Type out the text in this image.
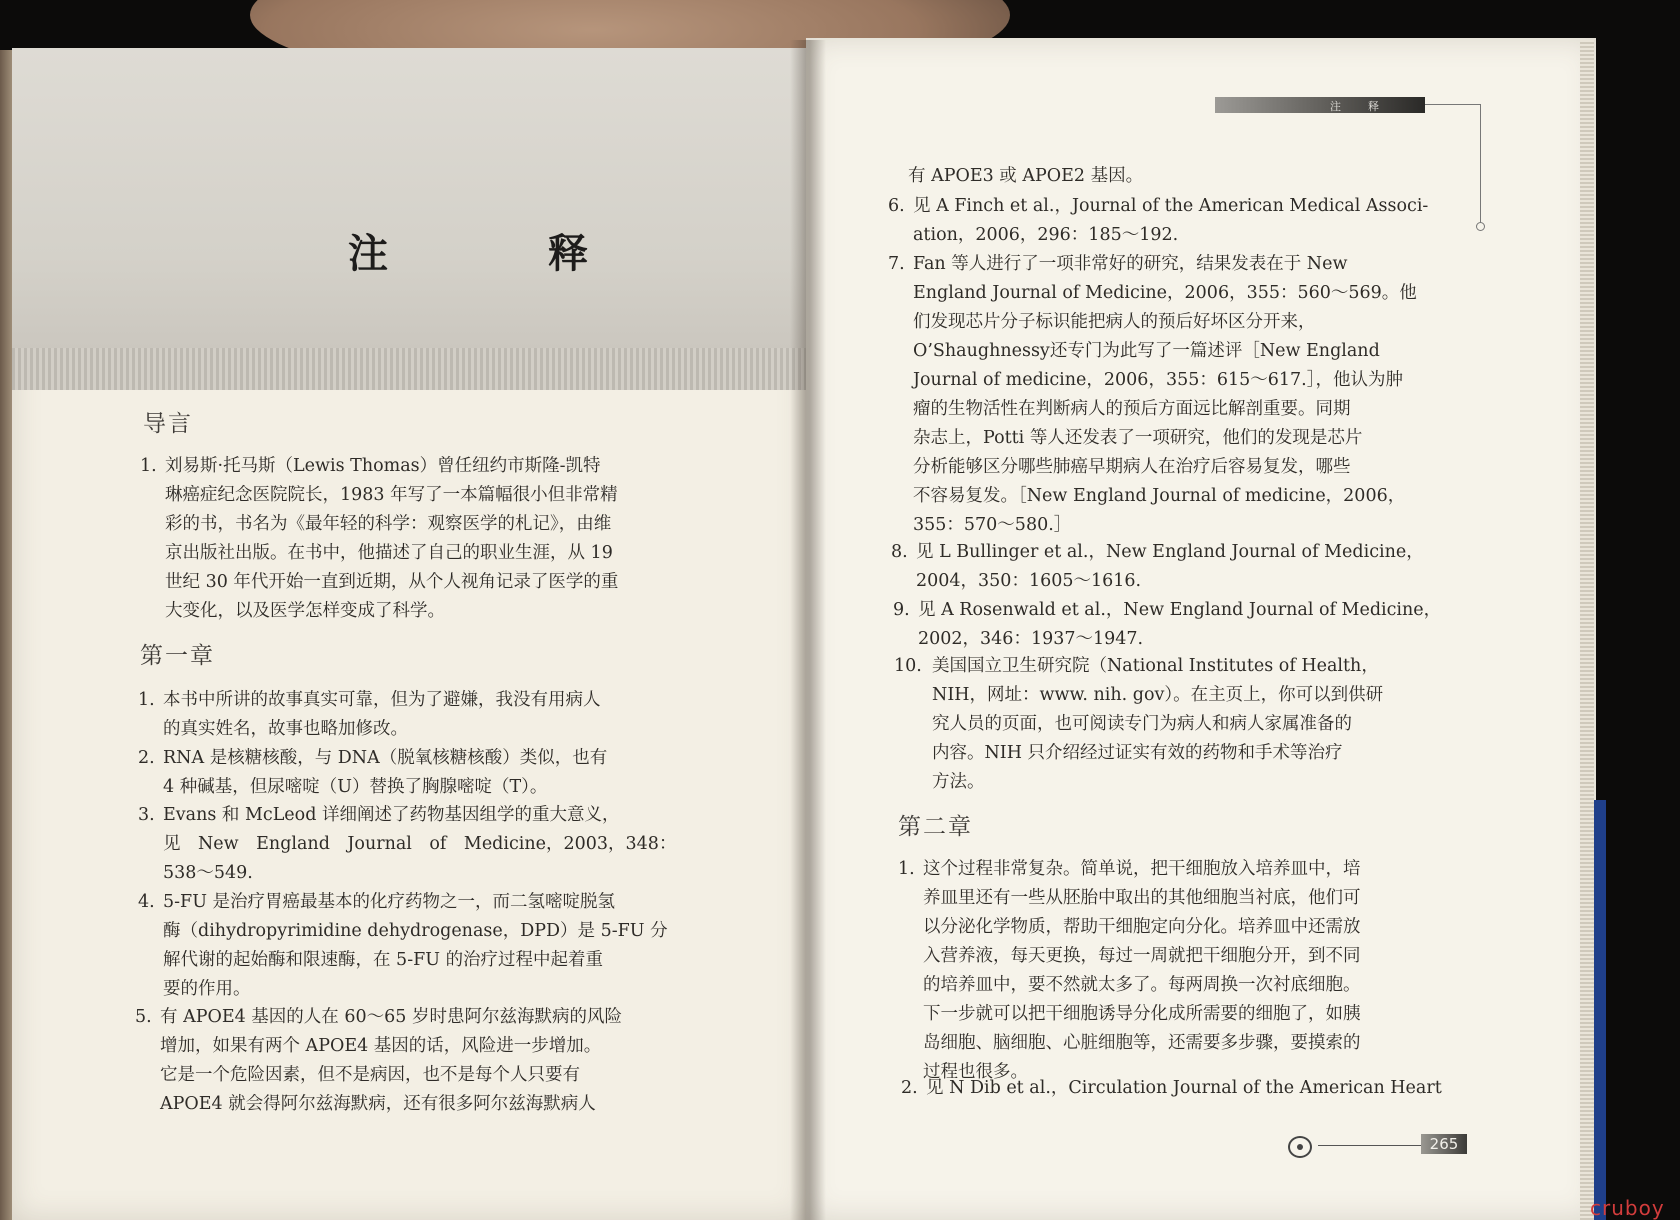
注　释
导言
1. 刘易斯·托马斯（Lewis Thomas）曾任纽约市斯隆-凯特
琳癌症纪念医院院长，1983 年写了一本篇幅很小但非常精
彩的书，书名为《最年轻的科学：观察医学的札记》，由维
京出版社出版。在书中，他描述了自己的职业生涯，从 19
世纪 30 年代开始一直到近期，从个人视角记录了医学的重
大变化，以及医学怎样变成了科学。
第一章
1. 本书中所讲的故事真实可靠，但为了避嫌，我没有用病人
的真实姓名，故事也略加修改。
2. RNA 是核糖核酸，与 DNA（脱氧核糖核酸）类似，也有
4 种碱基，但尿嘧啶（U）替换了胸腺嘧啶（T）。
3. Evans 和 McLeod 详细阐述了药物基因组学的重大意义，
见　New　England　Journal　of　Medicine，2003，348：
538～549.
4. 5-FU 是治疗胃癌最基本的化疗药物之一，而二氢嘧啶脱氢
酶（dihydropyrimidine dehydrogenase，DPD）是 5-FU 分
解代谢的起始酶和限速酶，在 5-FU 的治疗过程中起着重
要的作用。
5. 有 APOE4 基因的人在 60～65 岁时患阿尔兹海默病的风险
增加，如果有两个 APOE4 基因的话，风险进一步增加。
它是一个危险因素，但不是病因，也不是每个人只要有
APOE4 就会得阿尔兹海默病，还有很多阿尔兹海默病人
注　释
有 APOE3 或 APOE2 基因。
6. 见 A Finch et al.，Journal of the American Medical Associ-
ation，2006，296：185～192.
7. Fan 等人进行了一项非常好的研究，结果发表在于 New
England Journal of Medicine，2006，355：560～569。他
们发现芯片分子标识能把病人的预后好坏区分开来，
O’Shaughnessy还专门为此写了一篇述评［New England
Journal of medicine，2006，355：615～617.］，他认为肿
瘤的生物活性在判断病人的预后方面远比解剖重要。同期
杂志上，Potti 等人还发表了一项研究，他们的发现是芯片
分析能够区分哪些肺癌早期病人在治疗后容易复发，哪些
不容易复发。［New England Journal of medicine，2006，
355：570～580.］
8. 见 L Bullinger et al.，New England Journal of Medicine，
2004，350：1605～1616.
9. 见 A Rosenwald et al.，New England Journal of Medicine，
2002，346：1937～1947.
10. 美国国立卫生研究院（National Institutes of Health，
NIH，网址：www. nih. gov）。在主页上，你可以到供研
究人员的页面，也可阅读专门为病人和病人家属准备的
内容。NIH 只介绍经过证实有效的药物和手术等治疗
方法。
第二章
1. 这个过程非常复杂。简单说，把干细胞放入培养皿中，培
养皿里还有一些从胚胎中取出的其他细胞当衬底，他们可
以分泌化学物质，帮助干细胞定向分化。培养皿中还需放
入营养液，每天更换，每过一周就把干细胞分开，到不同
的培养皿中，要不然就太多了。每两周换一次衬底细胞。
下一步就可以把干细胞诱导分化成所需要的细胞了，如胰
岛细胞、脑细胞、心脏细胞等，还需要多步骤，要摸索的
过程也很多。
2. 见 N Dib et al.，Circulation Journal of the American Heart
265
cruboy
